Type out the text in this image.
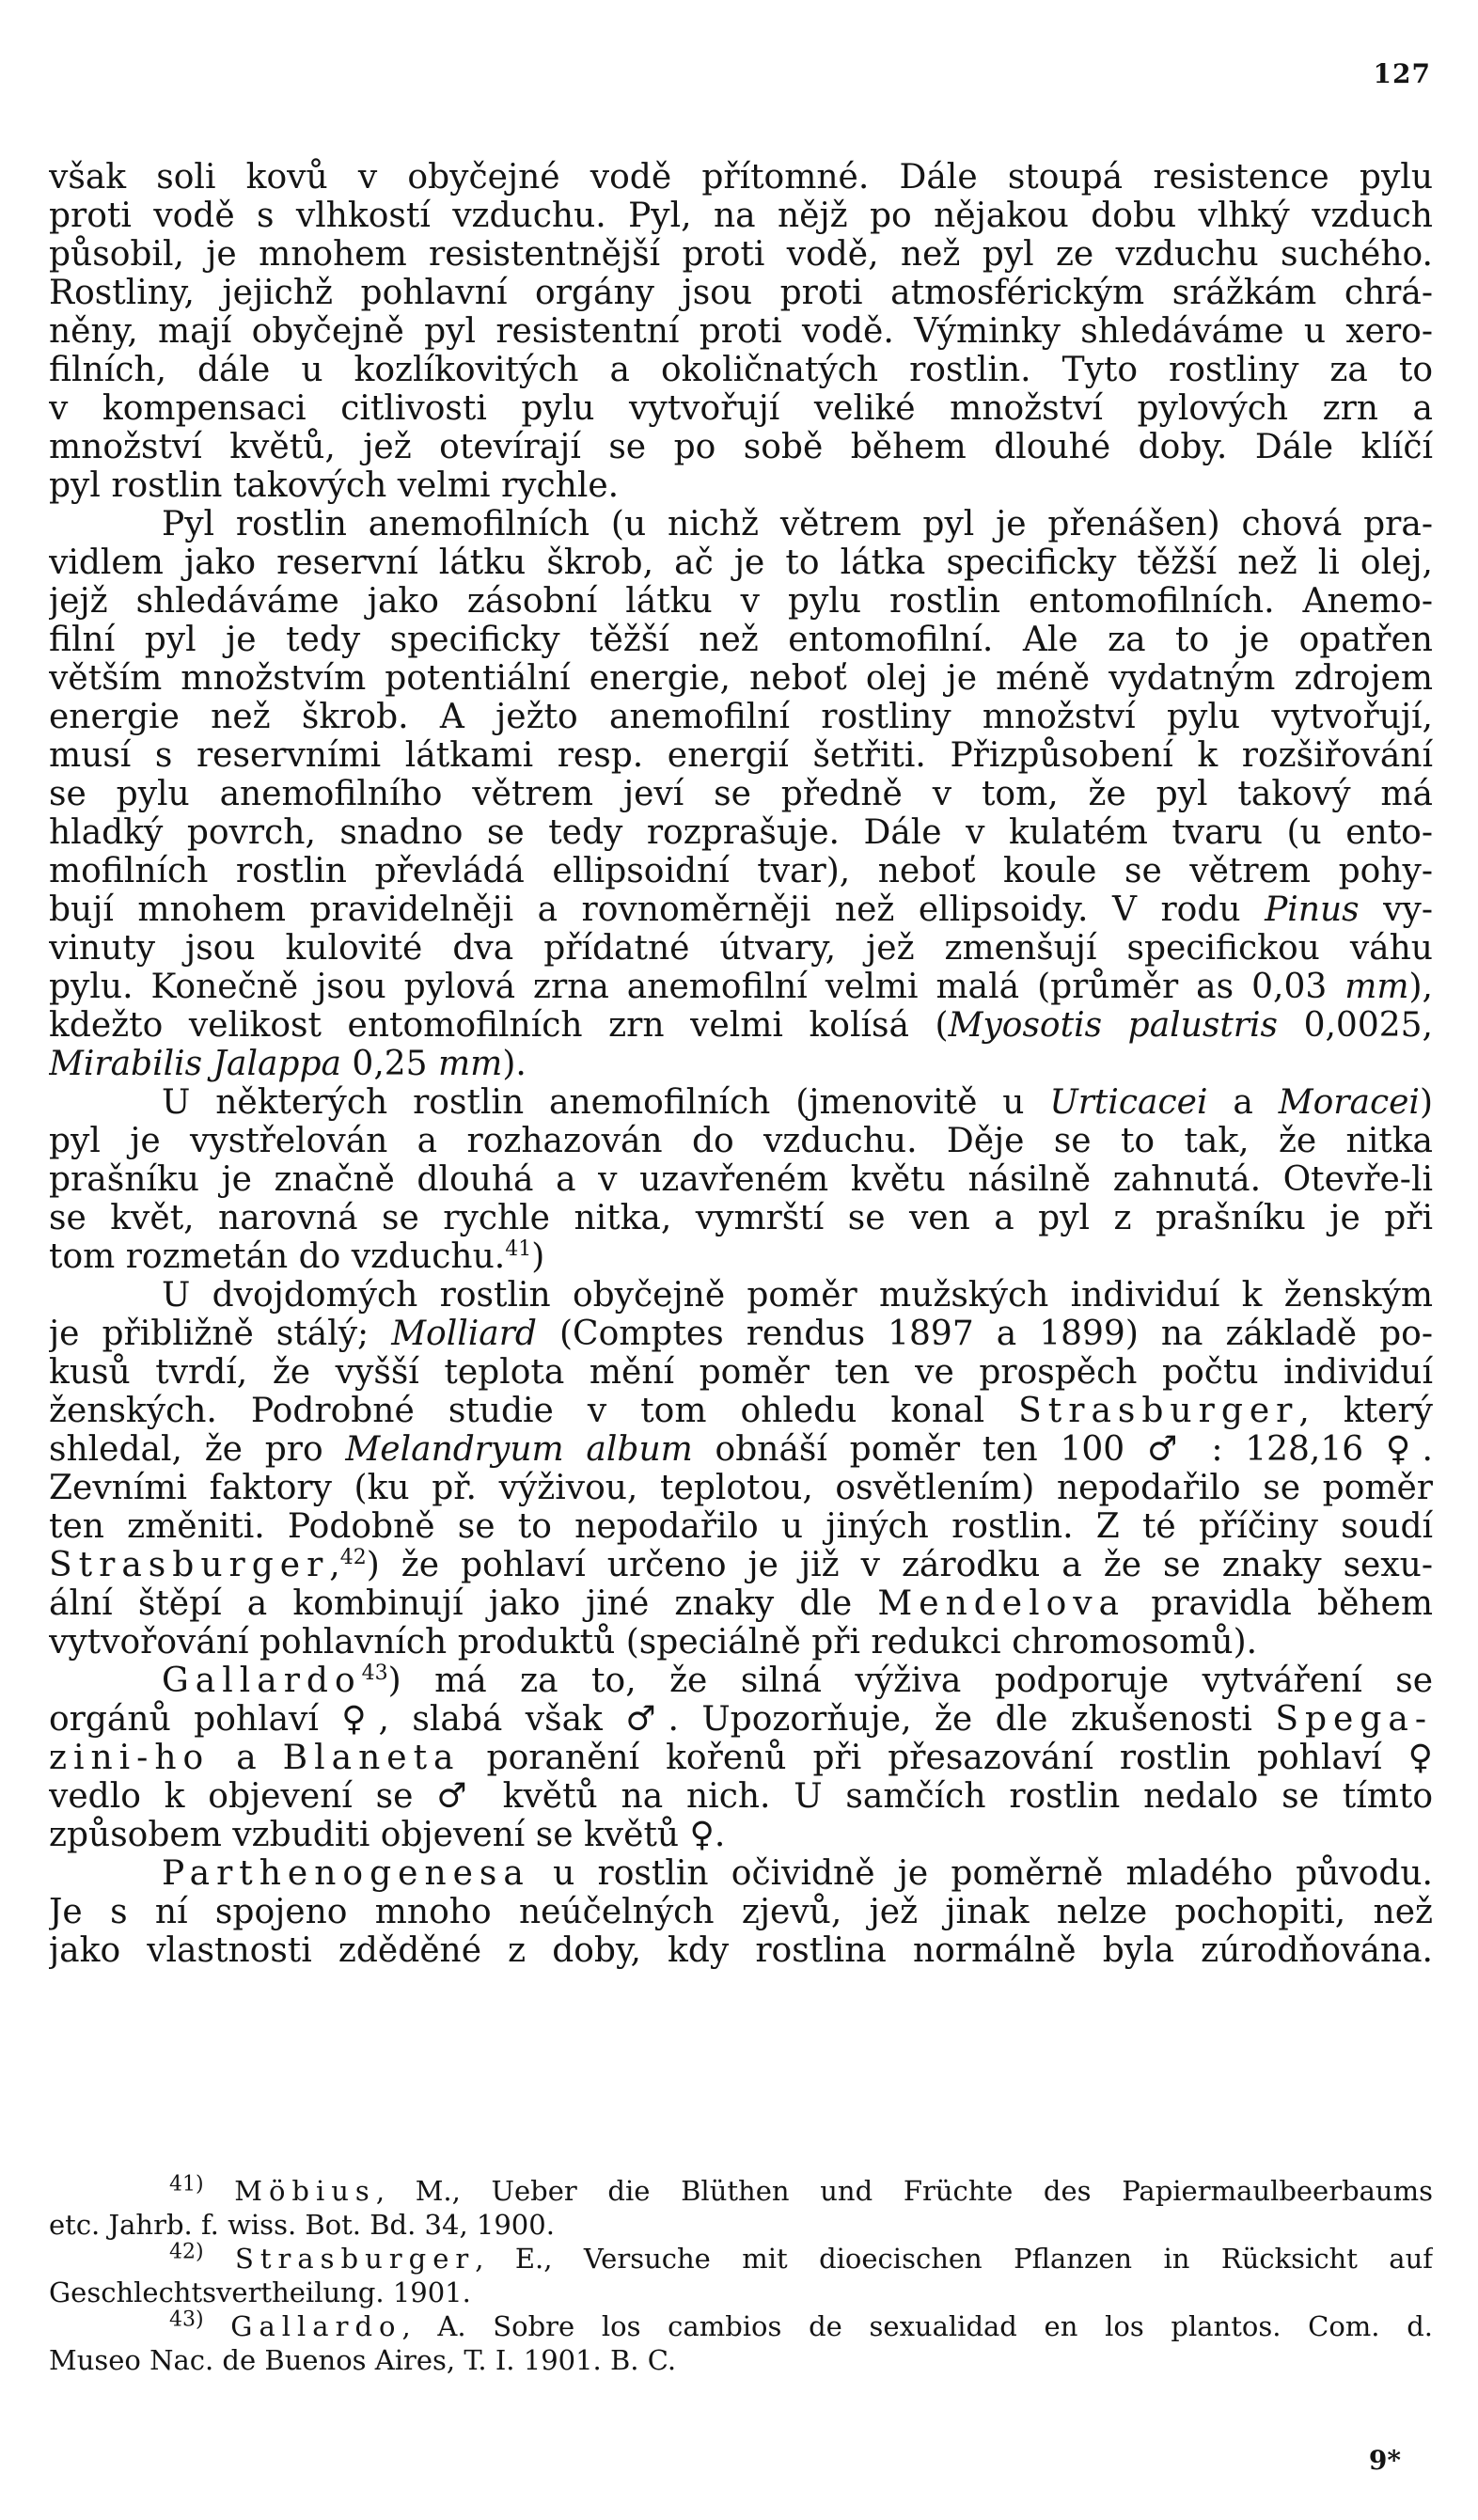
127
však soli kovů v obyčejné vodě přítomné. Dále stoupá resistence pylu
proti vodě s vlhkostí vzduchu. Pyl, na nějž po nějakou dobu vlhký vzduch
působil, je mnohem resistentnější proti vodě, než pyl ze vzduchu suchého.
Rostliny, jejichž pohlavní orgány jsou proti atmosférickým srážkám chrá-
něny, mají obyčejně pyl resistentní proti vodě. Výminky shledáváme u xero-
filních, dále u kozlíkovitých a okoličnatých rostlin. Tyto rostliny za to
v kompensaci citlivosti pylu vytvořují veliké množství pylových zrn a
množství květů, jež otevírají se po sobě během dlouhé doby. Dále klíčí
pyl rostlin takových velmi rychle.
Pyl rostlin anemofilních (u nichž větrem pyl je přenášen) chová pra-
vidlem jako reservní látku škrob, ač je to látka specificky těžší než li olej,
jejž shledáváme jako zásobní látku v pylu rostlin entomofilních. Anemo-
filní pyl je tedy specificky těžší než entomofilní. Ale za to je opatřen
větším množstvím potentiální energie, neboť olej je méně vydatným zdrojem
energie než škrob. A ježto anemofilní rostliny množství pylu vytvořují,
musí s reservními látkami resp. energií šetřiti. Přizpůsobení k rozšiřování
se pylu anemofilního větrem jeví se předně v tom, že pyl takový má
hladký povrch, snadno se tedy rozprašuje. Dále v kulatém tvaru (u ento-
mofilních rostlin převládá ellipsoidní tvar), neboť koule se větrem pohy-
bují mnohem pravidelněji a rovnoměrněji než ellipsoidy. V rodu Pinus vy-
vinuty jsou kulovité dva přídatné útvary, jež zmenšují specifickou váhu
pylu. Konečně jsou pylová zrna anemofilní velmi malá (průměr as 0,03 mm),
kdežto velikost entomofilních zrn velmi kolísá (Myosotis palustris 0,0025,
Mirabilis Jalappa 0,25 mm).
U některých rostlin anemofilních (jmenovitě u Urticacei a Moracei)
pyl je vystřelován a rozhazován do vzduchu. Děje se to tak, že nitka
prašníku je značně dlouhá a v uzavřeném květu násilně zahnutá. Otevře-li
se květ, narovná se rychle nitka, vymrští se ven a pyl z prašníku je při
tom rozmetán do vzduchu.$^{41}$)
U dvojdomých rostlin obyčejně poměr mužských individuí k ženským
je přibližně stálý; Molliard (Comptes rendus 1897 a 1899) na základě po-
kusů tvrdí, že vyšší teplota mění poměr ten ve prospěch počtu individuí
ženských. Podrobné studie v tom ohledu konal Strasburger, který
shledal, že pro Melandryum album obnáší poměr ten 100 ♂ : 128,16 ♀.
Zevními faktory (ku př. výživou, teplotou, osvětlením) nepodařilo se poměr
ten změniti. Podobně se to nepodařilo u jiných rostlin. Z té příčiny soudí
Strasburger,$^{42}$) že pohlaví určeno je již v zárodku a že se znaky sexu-
ální štěpí a kombinují jako jiné znaky dle Mendelova pravidla během
vytvořování pohlavních produktů (speciálně při redukci chromosomů).
Gallardo$^{43}$) má za to, že silná výživa podporuje vytváření se
orgánů pohlaví ♀, slabá však ♂. Upozorňuje, že dle zkušenosti Spega-
zini-ho a Blaneta poranění kořenů při přesazování rostlin pohlaví ♀
vedlo k objevení se ♂ květů na nich. U samčích rostlin nedalo se tímto
způsobem vzbuditi objevení se květů ♀.
Parthenogenesa u rostlin očividně je poměrně mladého původu.
Je s ní spojeno mnoho neúčelných zjevů, jež jinak nelze pochopiti, než
jako vlastnosti zděděné z doby, kdy rostlina normálně byla zúrodňována.
$^{41)}$ Möbius, M., Ueber die Blüthen und Früchte des Papiermaulbeerbaums
etc. Jahrb. f. wiss. Bot. Bd. 34, 1900.
$^{42)}$ Strasburger, E., Versuche mit dioecischen Pflanzen in Rücksicht auf
Geschlechtsvertheilung. 1901.
$^{43)}$ Gallardo, A. Sobre los cambios de sexualidad en los plantos. Com. d.
Museo Nac. de Buenos Aires, T. I. 1901. B. C.
9*
